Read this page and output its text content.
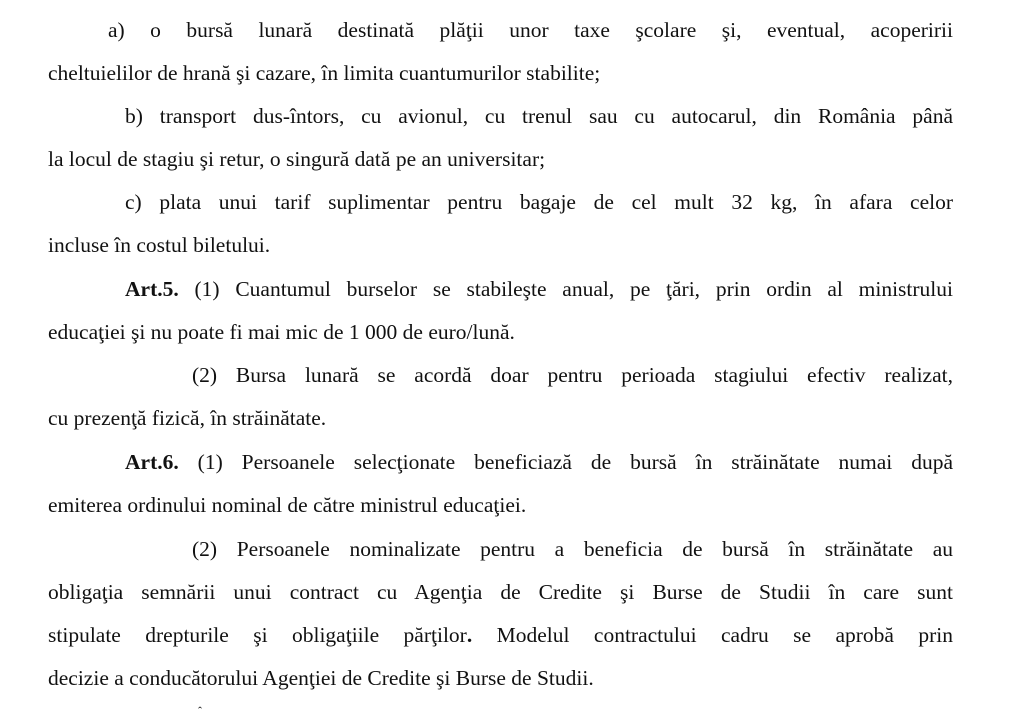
a) o bursă lunară destinată plăţii unor taxe şcolare şi, eventual, acoperirii
cheltuielilor de hrană şi cazare, în limita cuantumurilor stabilite;
b) transport dus-întors, cu avionul, cu trenul sau cu autocarul, din România până
la locul de stagiu şi retur, o singură dată pe an universitar;
c) plata unui tarif suplimentar pentru bagaje de cel mult 32 kg, în afara celor
incluse în costul biletului.
Art.5. (1) Cuantumul burselor se stabileşte anual, pe ţări, prin ordin al ministrului
educaţiei şi nu poate fi mai mic de 1 000 de euro/lună.
(2) Bursa lunară se acordă doar pentru perioada stagiului efectiv realizat,
cu prezenţă fizică, în străinătate.
Art.6. (1) Persoanele selecţionate beneficiază de bursă în străinătate numai după
emiterea ordinului nominal de către ministrul educaţiei.
(2) Persoanele nominalizate pentru a beneficia de bursă în străinătate au
obligaţia semnării unui contract cu Agenţia de Credite şi Burse de Studii în care sunt
stipulate drepturile şi obligaţiile părţilor. Modelul contractului cadru se aprobă prin
decizie a conducătorului Agenţiei de Credite şi Burse de Studii.
ˆ
